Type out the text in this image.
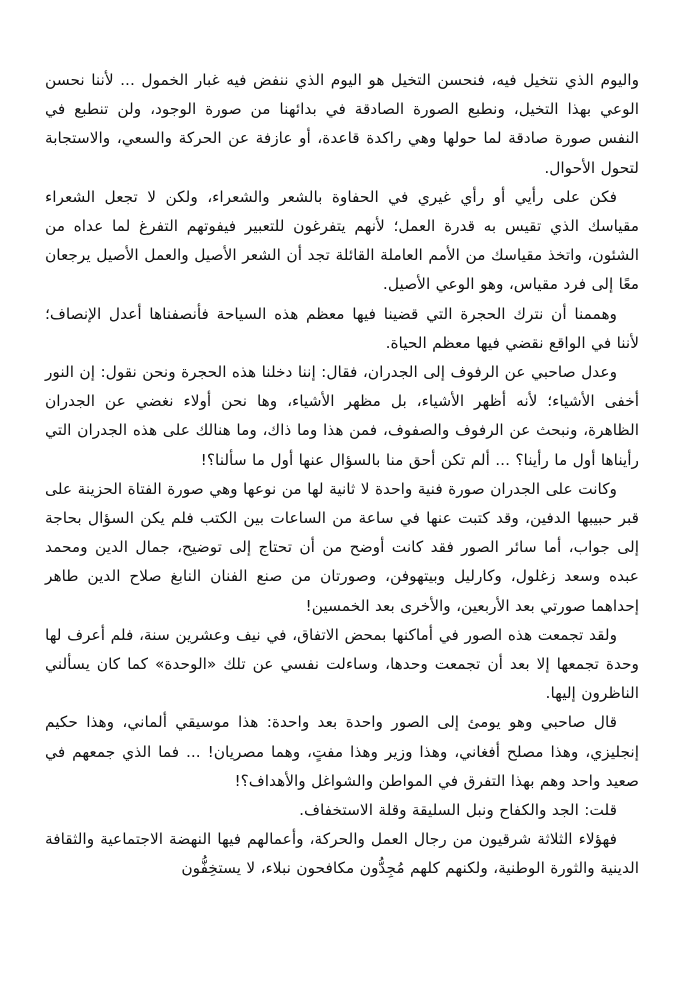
واليوم الذي نتخيل فيه، فنحسن التخيل هو اليوم الذي ننفض فيه غبار الخمول ... لأننا نحسن الوعي بهذا التخيل، ونطبع الصورة الصادقة في بدائهنا من صورة الوجود، ولن تنطبع في النفس صورة صادقة لما حولها وهي راكدة قاعدة، أو عازفة عن الحركة والسعي، والاستجابة لتحول الأحوال.

فكن على رأيي أو رأي غيري في الحفاوة بالشعر والشعراء، ولكن لا تجعل الشعراء مقياسك الذي تقيس به قدرة العمل؛ لأنهم يتفرغون للتعبير فيفوتهم التفرغ لما عداه من الشئون، واتخذ مقياسك من الأمم العاملة القائلة تجد أن الشعر الأصيل والعمل الأصيل يرجعان معًا إلى فرد مقياس، وهو الوعي الأصيل.

وهممنا أن نترك الحجرة التي قضينا فيها معظم هذه السياحة فأنصفناها أعدل الإنصاف؛ لأننا في الواقع نقضي فيها معظم الحياة.

وعدل صاحبي عن الرفوف إلى الجدران، فقال: إننا دخلنا هذه الحجرة ونحن نقول: إن النور أخفى الأشياء؛ لأنه أظهر الأشياء، بل مظهر الأشياء، وها نحن أولاء نغضي عن الجدران الظاهرة، ونبحث عن الرفوف والصفوف، فمن هذا وما ذاك، وما هنالك على هذه الجدران التي رأيناها أول ما رأينا؟ ... ألم تكن أحق منا بالسؤال عنها أول ما سألنا؟!

وكانت على الجدران صورة فنية واحدة لا ثانية لها من نوعها وهي صورة الفتاة الحزينة على قبر حبيبها الدفين، وقد كتبت عنها في ساعة من الساعات بين الكتب فلم يكن السؤال بحاجة إلى جواب، أما سائر الصور فقد كانت أوضح من أن تحتاج إلى توضيح، جمال الدين ومحمد عبده وسعد زغلول، وكارليل وبيتهوفن، وصورتان من صنع الفنان النابغ صلاح الدين طاهر إحداهما صورتي بعد الأربعين، والأخرى بعد الخمسين!

ولقد تجمعت هذه الصور في أماكنها بمحض الاتفاق، في نيف وعشرين سنة، فلم أعرف لها وحدة تجمعها إلا بعد أن تجمعت وحدها، وساءلت نفسي عن تلك «الوحدة» كما كان يسألني الناظرون إليها.

قال صاحبي وهو يومئ إلى الصور واحدة بعد واحدة: هذا موسيقي ألماني، وهذا حكيم إنجليزي، وهذا مصلح أفغاني، وهذا وزير وهذا مفتٍ، وهما مصريان! ... فما الذي جمعهم في صعيد واحد وهم بهذا التفرق في المواطن والشواغل والأهداف؟!

قلت: الجد والكفاح ونبل السليقة وقلة الاستخفاف.

فهؤلاء الثلاثة شرقيون من رجال العمل والحركة، وأعمالهم فيها النهضة الاجتماعية والثقافة الدينية والثورة الوطنية، ولكنهم كلهم مُجِدُّون مكافحون نبلاء، لا يستخِفُّون
